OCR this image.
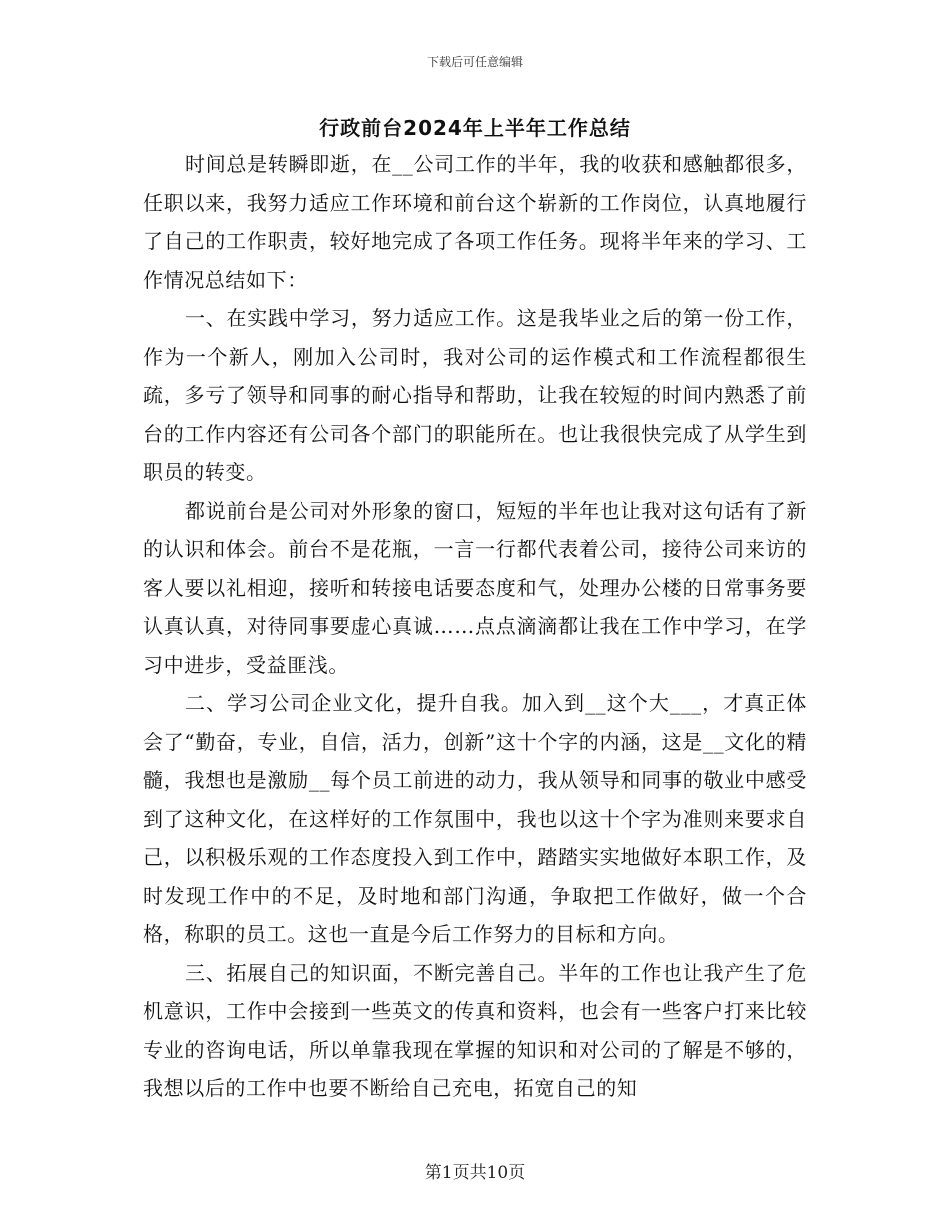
下载后可任意编辑
行政前台2024年上半年工作总结

时间总是转瞬即逝，在__公司工作的半年，我的收获和感触都很多，任职以来，我努力适应工作环境和前台这个崭新的工作岗位，认真地履行了自己的工作职责，较好地完成了各项工作任务。现将半年来的学习、工作情况总结如下：

一、在实践中学习，努力适应工作。这是我毕业之后的第一份工作，作为一个新人，刚加入公司时，我对公司的运作模式和工作流程都很生疏，多亏了领导和同事的耐心指导和帮助，让我在较短的时间内熟悉了前台的工作内容还有公司各个部门的职能所在。也让我很快完成了从学生到职员的转变。

都说前台是公司对外形象的窗口，短短的半年也让我对这句话有了新的认识和体会。前台不是花瓶，一言一行都代表着公司，接待公司来访的客人要以礼相迎，接听和转接电话要态度和气，处理办公楼的日常事务要认真认真，对待同事要虚心真诚……点点滴滴都让我在工作中学习，在学习中进步，受益匪浅。

二、学习公司企业文化，提升自我。加入到__这个大___，才真正体会了“勤奋，专业，自信，活力，创新”这十个字的内涵，这是__文化的精髓，我想也是激励__每个员工前进的动力，我从领导和同事的敬业中感受到了这种文化，在这样好的工作氛围中，我也以这十个字为准则来要求自己，以积极乐观的工作态度投入到工作中，踏踏实实地做好本职工作，及时发现工作中的不足，及时地和部门沟通，争取把工作做好，做一个合格，称职的员工。这也一直是今后工作努力的目标和方向。

三、拓展自己的知识面，不断完善自己。半年的工作也让我产生了危机意识，工作中会接到一些英文的传真和资料，也会有一些客户打来比较专业的咨询电话，所以单靠我现在掌握的知识和对公司的了解是不够的，我想以后的工作中也要不断给自己充电，拓宽自己的知

第1页共10页
